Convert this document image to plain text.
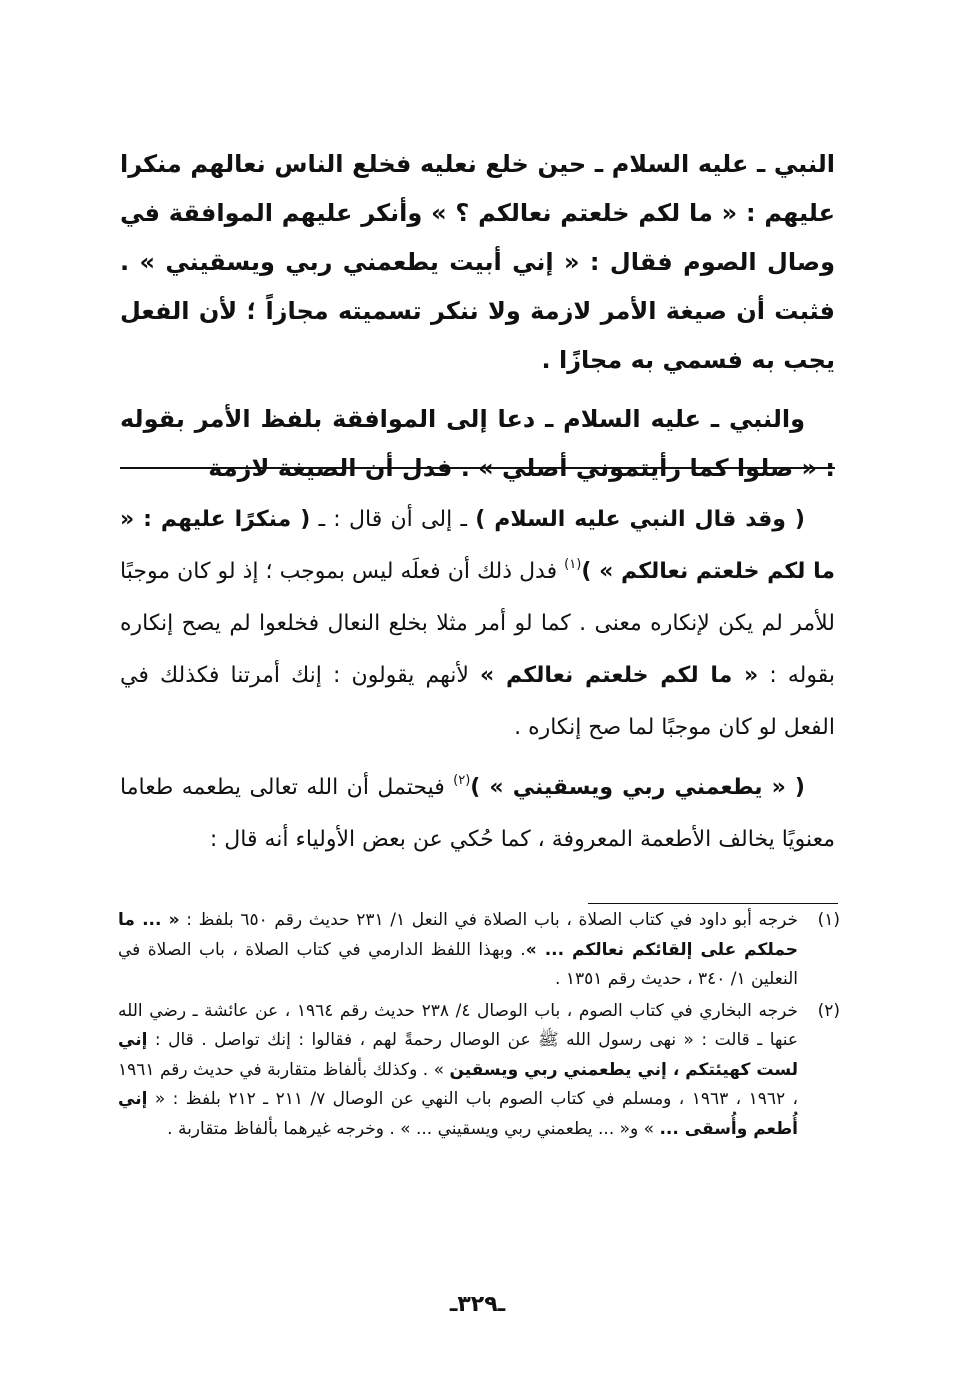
النبي ـ عليه السلام ـ حين خلع نعليه فخلع الناس نعالهم منكرا عليهم : « ما لكم خلعتم نعالكم ؟ » وأنكر عليهم الموافقة في وصال الصوم فقال : « إني أبيت يطعمني ربي ويسقيني » . فثبت أن صيغة الأمر لازمة ولا ننكر تسميته مجازاً ؛ لأن الفعل يجب به فسمي به مجازًا .

والنبي ـ عليه السلام ـ دعا إلى الموافقة بلفظ الأمر بقوله : « صلوا كما رأيتموني أصلي » . فدل أن الصيغة لازمة

( وقد قال النبي عليه السلام ) ـ إلى أن قال : ـ ( منكرًا عليهم : « ما لكم خلعتم نعالكم » )$^{(١)}$ فدل ذلك أن فعلَه ليس بموجب ؛ إذ لو كان موجبًا للأمر لم يكن لإنكاره معنى . كما لو أمر مثلا بخلع النعال فخلعوا لم يصح إنكاره بقوله : « ما لكم خلعتم نعالكم » لأنهم يقولون : إنك أمرتنا فكذلك في الفعل لو كان موجبًا لما صح إنكاره .

( « يطعمني ربي ويسقيني » )$^{(٢)}$ فيحتمل أن الله تعالى يطعمه طعاما معنويًا يخالف الأطعمة المعروفة ، كما حُكي عن بعض الأولياء أنه قال :

(١)
خرجه أبو داود في كتاب الصلاة ، باب الصلاة في النعل ١/ ٢٣١ حديث رقم ٦٥٠ بلفظ : « ... ما حملكم على إلقائكم نعالكم ... ». وبهذا اللفظ الدارمي في كتاب الصلاة ، باب الصلاة في النعلين ١/ ٣٤٠ ، حديث رقم ١٣٥١ .
(٢)
خرجه البخاري في كتاب الصوم ، باب الوصال ٤/ ٢٣٨ حديث رقم ١٩٦٤ ، عن عائشة ـ رضي الله عنها ـ قالت : « نهى رسول الله ﷺ عن الوصال رحمةً لهم ، فقالوا : إنك تواصل . قال : إني لست كهيئتكم ، إني يطعمني ربي ويسقين » . وكذلك بألفاظ متقاربة في حديث رقم ١٩٦١ ، ١٩٦٢ ، ١٩٦٣ ، ومسلم في كتاب الصوم باب النهي عن الوصال ٧/ ٢١١ ـ ٢١٢ بلفظ : « إني أُطعم وأُسقى ... » و« ... يطعمني ربي ويسقيني ... » . وخرجه غيرهما بألفاظ متقاربة .
ـ٣٢٩ـ
